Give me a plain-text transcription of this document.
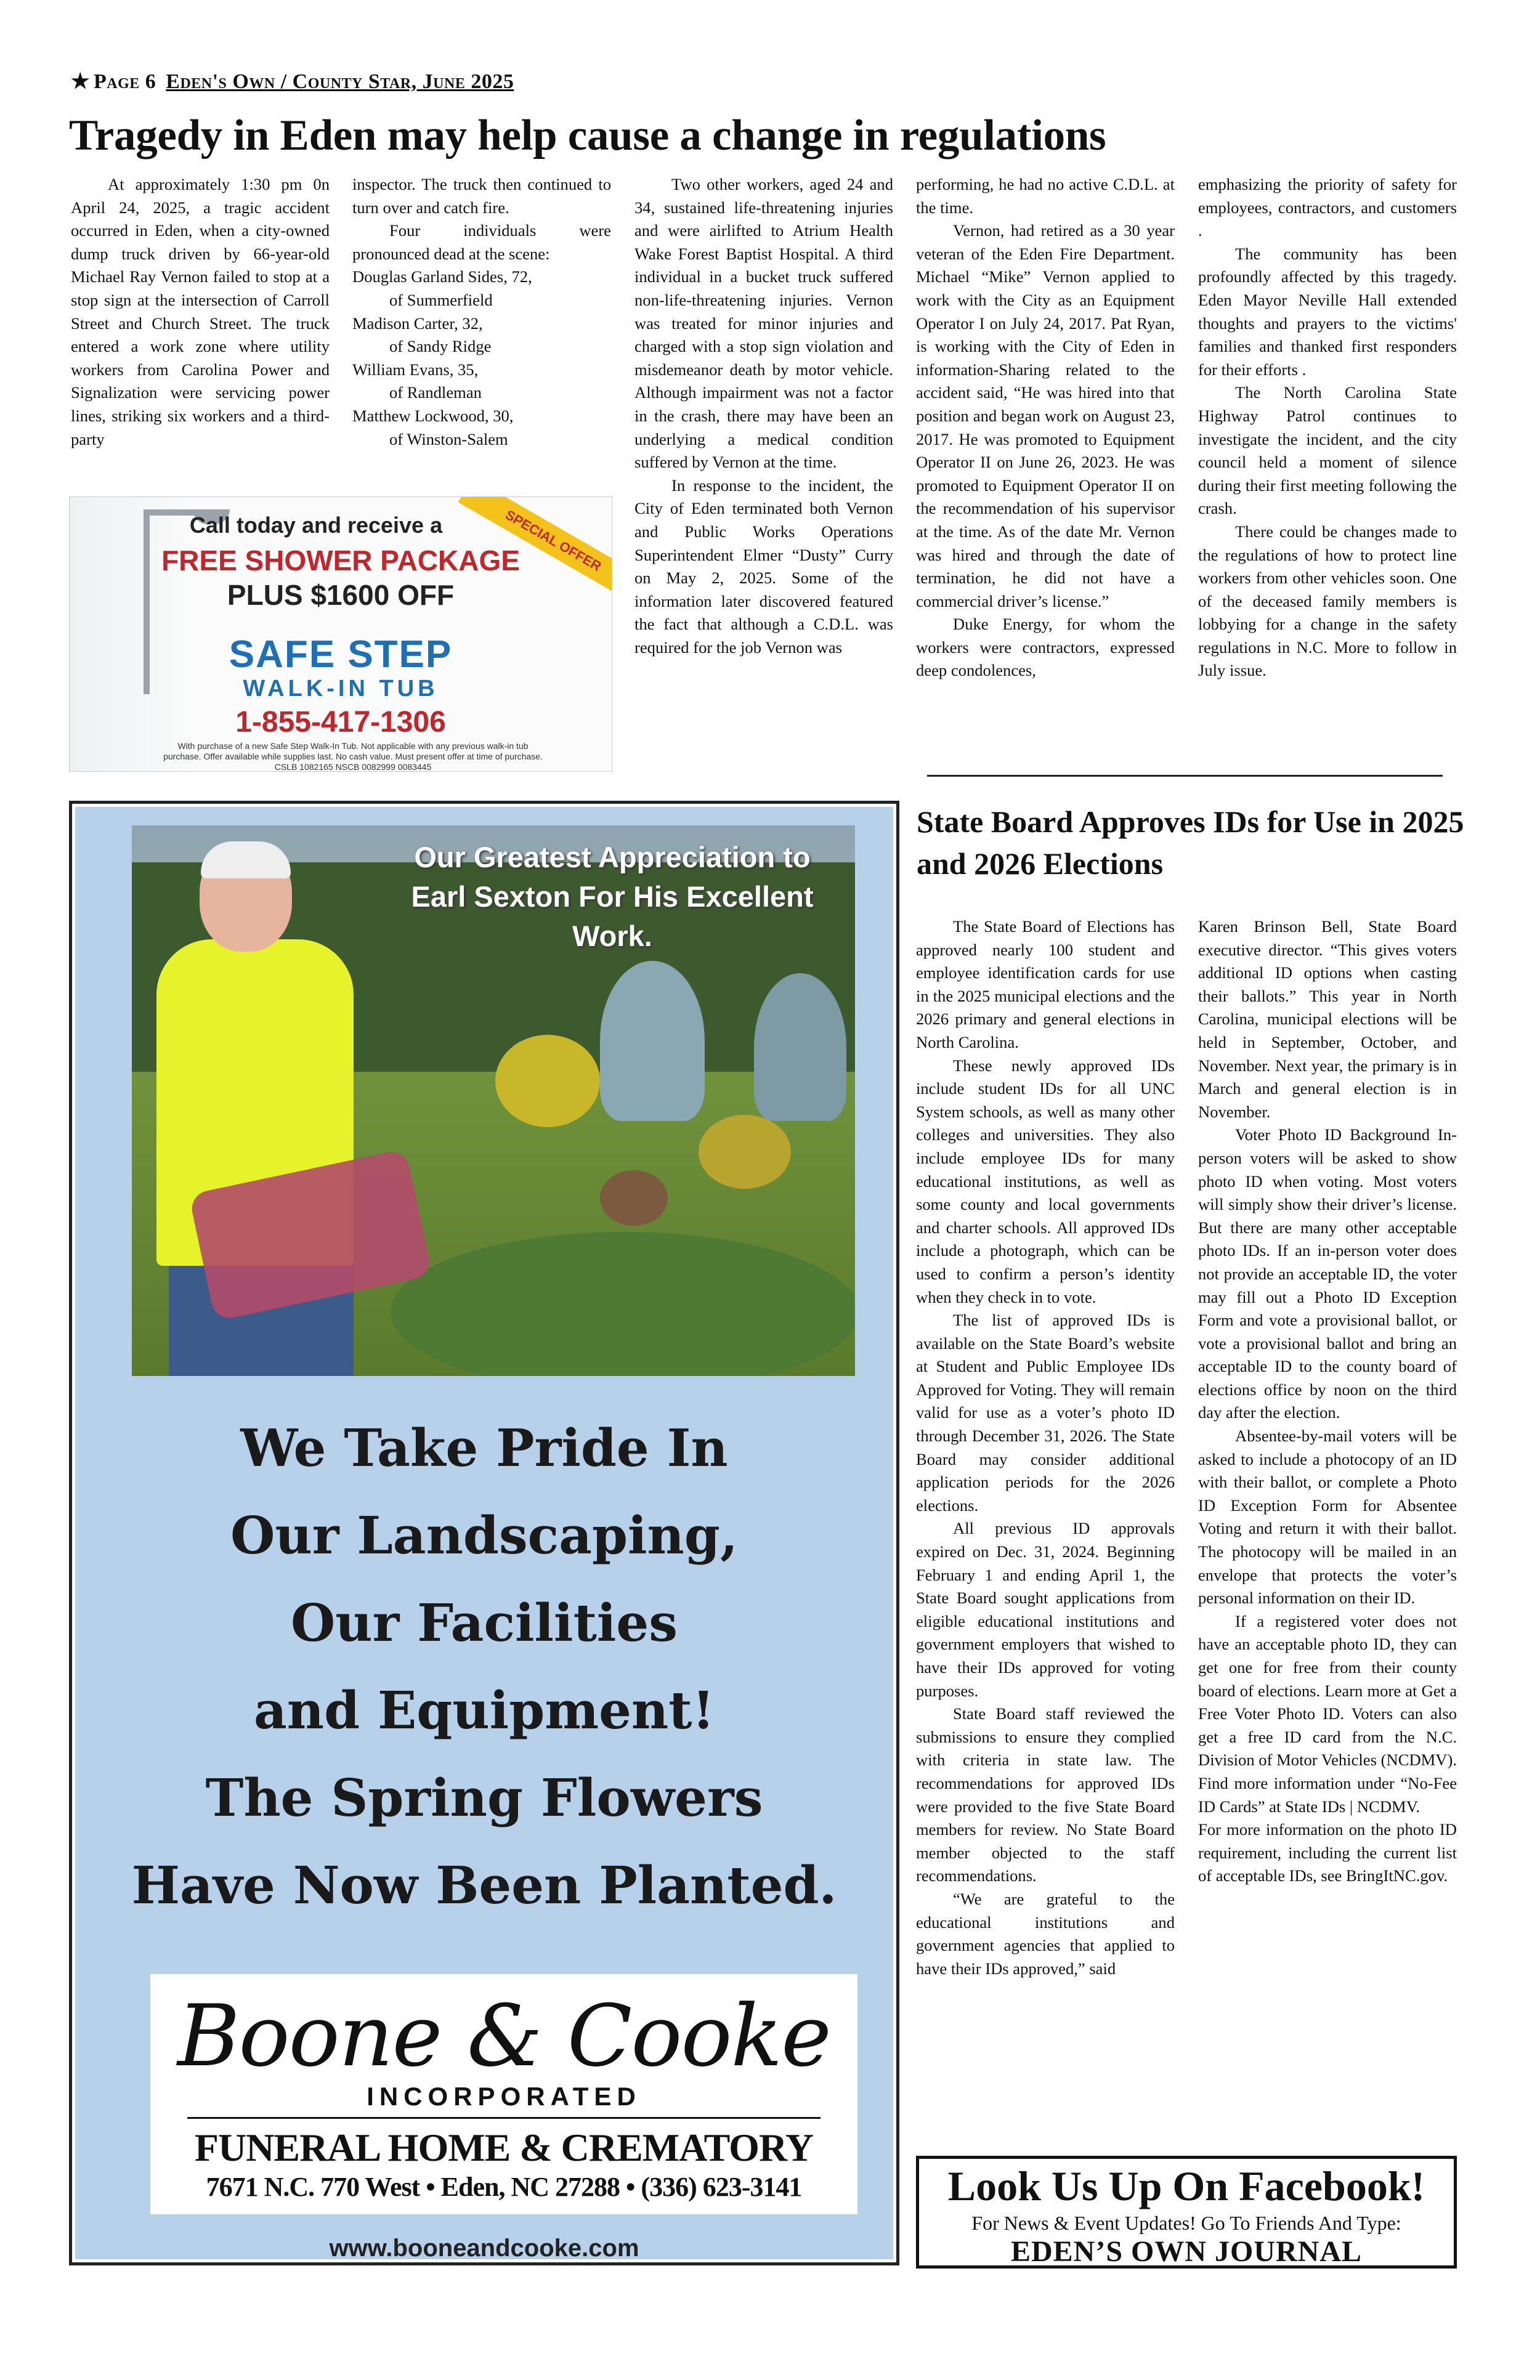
★ Page 6 Eden's Own / County Star, June 2025
Tragedy in Eden may help cause a change in regulations

At approximately 1:30 pm 0n April 24, 2025, a tragic accident occurred in Eden, when a city-owned dump truck driven by 66-year-old Michael Ray Vernon failed to stop at a stop sign at the intersection of Carroll Street and Church Street. The truck entered a work zone where utility workers from Carolina Power and Signalization were servicing power lines, striking six workers and a third-party

inspector. The truck then continued to turn over and catch fire.

Four individuals were pronounced dead at the scene:

Douglas Garland Sides, 72,

of Summerfield

Madison Carter, 32,

of Sandy Ridge

William Evans, 35,

of Randleman

Matthew Lockwood, 30,

of Winston-Salem

Two other workers, aged 24 and 34, sustained life-threatening injuries and were airlifted to Atrium Health Wake Forest Baptist Hospital. A third individual in a bucket truck suffered non-life-threatening injuries. Vernon was treated for minor injuries and charged with a stop sign violation and misdemeanor death by motor vehicle. Although impairment was not a factor in the crash, there may have been an underlying a medical condition suffered by Vernon at the time.

In response to the incident, the City of Eden terminated both Vernon and Public Works Operations Superintendent Elmer “Dusty” Curry on May 2, 2025. Some of the information later discovered featured the fact that although a C.D.L. was required for the job Vernon was

performing, he had no active C.D.L. at the time.

Vernon, had retired as a 30 year veteran of the Eden Fire Department. Michael “Mike” Vernon applied to work with the City as an Equipment Operator I on July 24, 2017. Pat Ryan, is working with the City of Eden in information-Sharing related to the accident said, “He was hired into that position and began work on August 23, 2017. He was promoted to Equipment Operator II on June 26, 2023. He was promoted to Equipment Operator II on the recommendation of his supervisor at the time. As of the date Mr. Vernon was hired and through the date of termination, he did not have a commercial driver’s license.”

Duke Energy, for whom the workers were contractors, expressed deep condolences,

emphasizing the priority of safety for employees, contractors, and customers .

The community has been profoundly affected by this tragedy. Eden Mayor Neville Hall extended thoughts and prayers to the victims' families and thanked first responders for their efforts .

The North Carolina State Highway Patrol continues to investigate the incident, and the city council held a moment of silence during their first meeting following the crash.

There could be changes made to the regulations of how to protect line workers from other vehicles soon. One of the deceased family members is lobbying for a change in the safety regulations in N.C. More to follow in July issue.

SPECIAL OFFER
Call today and receive a
FREE SHOWER PACKAGE
PLUS $1600 OFF
SAFE STEP
WALK-IN TUB
1-855-417-1306
With purchase of a new Safe Step Walk-In Tub. Not applicable with any previous walk-in tub purchase. Offer available while supplies last. No cash value. Must present offer at time of purchase. CSLB 1082165 NSCB 0082999 0083445
Our Greatest Appreciation to Earl Sexton For His Excellent Work.
We Take Pride In
Our Landscaping,
Our Facilities
and Equipment!
The Spring Flowers
Have Now Been Planted.
Boone & Cooke
INCORPORATED
FUNERAL HOME & CREMATORY
7671 N.C. 770 West • Eden, NC 27288 • (336) 623-3141
www.booneandcooke.com
State Board Approves IDs for Use in 2025 and 2026 Elections

The State Board of Elections has approved nearly 100 student and employee identification cards for use in the 2025 municipal elections and the 2026 primary and general elections in North Carolina.

These newly approved IDs include student IDs for all UNC System schools, as well as many other colleges and universities. They also include employee IDs for many educational institutions, as well as some county and local governments and charter schools. All approved IDs include a photograph, which can be used to confirm a person’s identity when they check in to vote.

The list of approved IDs is available on the State Board’s website at Student and Public Employee IDs Approved for Voting. They will remain valid for use as a voter’s photo ID through December 31, 2026. The State Board may consider additional application periods for the 2026 elections.

All previous ID approvals expired on Dec. 31, 2024. Beginning February 1 and ending April 1, the State Board sought applications from eligible educational institutions and government employers that wished to have their IDs approved for voting purposes.

State Board staff reviewed the submissions to ensure they complied with criteria in state law. The recommendations for approved IDs were provided to the five State Board members for review. No State Board member objected to the staff recommendations.

“We are grateful to the educational institutions and government agencies that applied to have their IDs approved,” said

Karen Brinson Bell, State Board executive director. “This gives voters additional ID options when casting their ballots.” This year in North Carolina, municipal elections will be held in September, October, and November. Next year, the primary is in March and general election is in November.

Voter Photo ID Background In-person voters will be asked to show photo ID when voting. Most voters will simply show their driver’s license. But there are many other acceptable photo IDs. If an in-person voter does not provide an acceptable ID, the voter may fill out a Photo ID Exception Form and vote a provisional ballot, or vote a provisional ballot and bring an acceptable ID to the county board of elections office by noon on the third day after the election.

Absentee-by-mail voters will be asked to include a photocopy of an ID with their ballot, or complete a Photo ID Exception Form for Absentee Voting and return it with their ballot. The photocopy will be mailed in an envelope that protects the voter’s personal information on their ID.

If a registered voter does not have an acceptable photo ID, they can get one for free from their county board of elections. Learn more at Get a Free Voter Photo ID. Voters can also get a free ID card from the N.C. Division of Motor Vehicles (NCDMV). Find more information under “No-Fee ID Cards” at State IDs | NCDMV.

For more information on the photo ID requirement, including the current list of acceptable IDs, see BringItNC.gov.

Look Us Up On Facebook!
For News & Event Updates! Go To Friends And Type:
EDEN’S OWN JOURNAL
